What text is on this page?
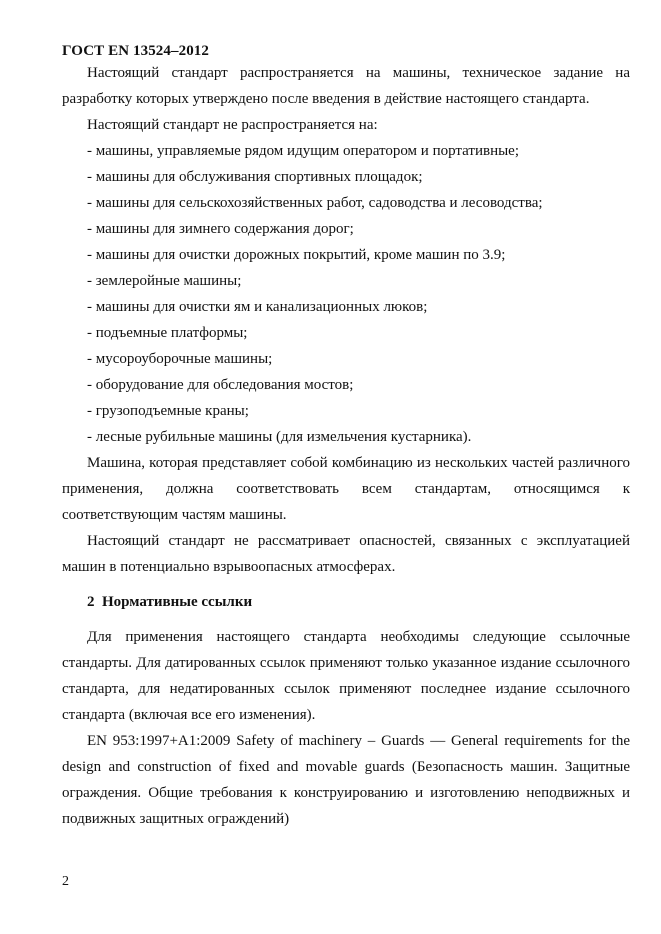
ГОСТ EN 13524–2012

Настоящий стандарт распространяется на машины, техническое задание на разработку которых утверждено после введения в действие настоящего стандарта.

Настоящий стандарт не распространяется на:

- машины, управляемые рядом идущим оператором и портативные;

- машины для обслуживания спортивных площадок;

- машины для сельскохозяйственных работ, садоводства и лесоводства;

- машины для зимнего содержания дорог;

- машины для очистки дорожных покрытий, кроме машин по 3.9;

- землеройные машины;

- машины для очистки ям и канализационных люков;

- подъемные платформы;

- мусороуборочные машины;

- оборудование для обследования мостов;

- грузоподъемные краны;

- лесные рубильные машины (для измельчения кустарника).

Машина, которая представляет собой комбинацию из нескольких частей различного применения, должна соответствовать всем стандартам, относящимся к соответствующим частям машины.

Настоящий стандарт не рассматривает опасностей, связанных с эксплуатацией машин в потенциально взрывоопасных атмосферах.

2 Нормативные ссылки

Для применения настоящего стандарта необходимы следующие ссылочные стандарты. Для датированных ссылок применяют только указанное издание ссылочного стандарта, для недатированных ссылок применяют последнее издание ссылочного стандарта (включая все его изменения).

EN 953:1997+A1:2009 Safety of machinery – Guards — General requirements for the design and construction of fixed and movable guards (Безопасность машин. Защитные ограждения. Общие требования к конструированию и изготовлению неподвижных и подвижных защитных ограждений)

2
